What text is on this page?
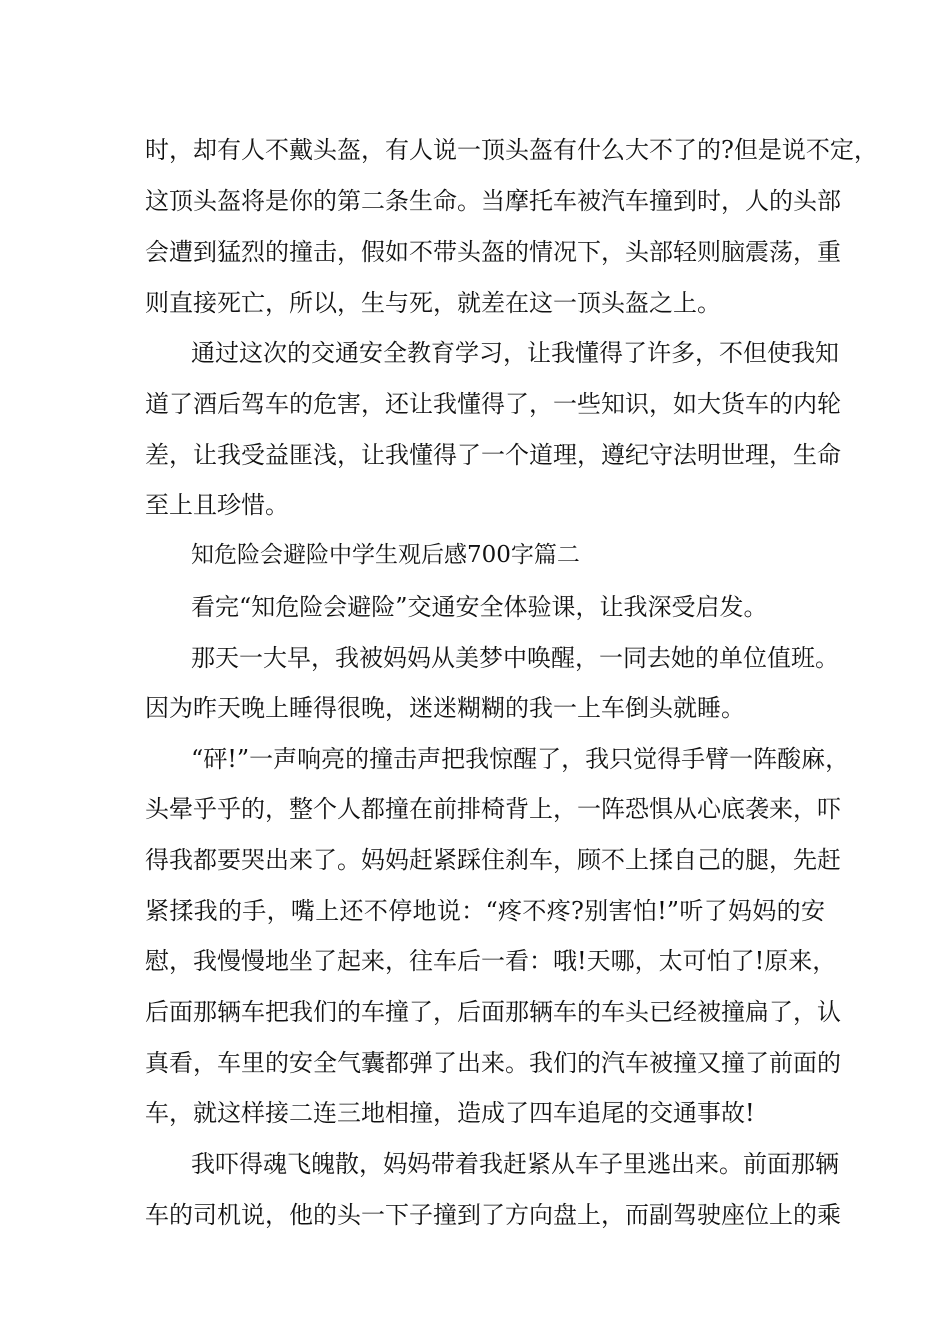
时，却有人不戴头盔，有人说一顶头盔有什么大不了的?但是说不定，
这顶头盔将是你的第二条生命。当摩托车被汽车撞到时，人的头部
会遭到猛烈的撞击，假如不带头盔的情况下，头部轻则脑震荡，重
则直接死亡，所以，生与死，就差在这一顶头盔之上。
通过这次的交通安全教育学习，让我懂得了许多，不但使我知
道了酒后驾车的危害，还让我懂得了，一些知识，如大货车的内轮
差，让我受益匪浅，让我懂得了一个道理，遵纪守法明世理，生命
至上且珍惜。
知危险会避险中学生观后感700字篇二
看完“知危险会避险”交通安全体验课，让我深受启发。
那天一大早，我被妈妈从美梦中唤醒，一同去她的单位值班。
因为昨天晚上睡得很晚，迷迷糊糊的我一上车倒头就睡。
“砰!”一声响亮的撞击声把我惊醒了，我只觉得手臂一阵酸麻，
头晕乎乎的，整个人都撞在前排椅背上，一阵恐惧从心底袭来，吓
得我都要哭出来了。妈妈赶紧踩住刹车，顾不上揉自己的腿，先赶
紧揉我的手，嘴上还不停地说：“疼不疼?别害怕!”听了妈妈的安
慰，我慢慢地坐了起来，往车后一看：哦!天哪，太可怕了!原来，
后面那辆车把我们的车撞了，后面那辆车的车头已经被撞扁了，认
真看，车里的安全气囊都弹了出来。我们的汽车被撞又撞了前面的
车，就这样接二连三地相撞，造成了四车追尾的交通事故!
我吓得魂飞魄散，妈妈带着我赶紧从车子里逃出来。前面那辆
车的司机说，他的头一下子撞到了方向盘上，而副驾驶座位上的乘
